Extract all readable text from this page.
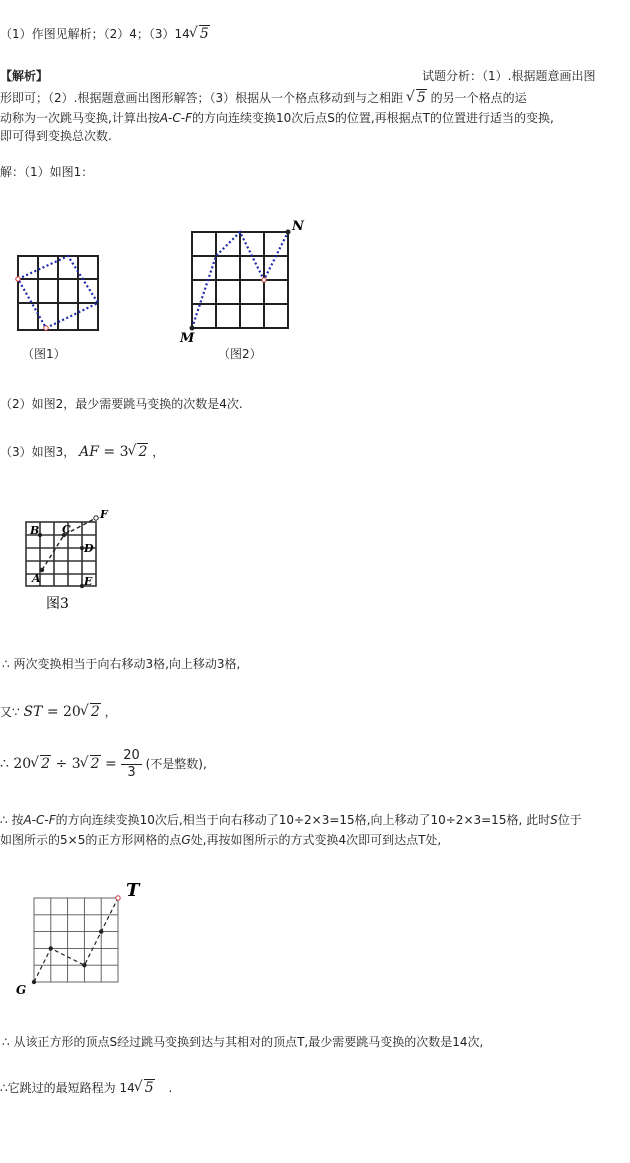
（1）作图见解析；（2）4；（3）14 √ 5
【解析】	试题分析：（1）.根据题意画出图
形即可；（2）.根据题意画出图形解答；（3）根据从一个格点移动到与之相距 √ 5 的另一个格点的运
动称为一次跳马变换,计算出按A-C-F的方向连续变换10次后点S的位置,再根据点T的位置进行适当的变换,
即可得到变换总次数.
解：（1）如图1：
（图1）
N
M
（图2）
（2）如图2，最少需要跳马变换的次数是4次.
（3）如图3， AF = 3 √ 2 ，
B C
D
A	E
F
图3
∴ 两次变换相当于向右移动3格,向上移动3格,
又∵ ST = 20 √ 2 ，
∴ 20 √ 2 ÷ 3 √ $2 = \frac{20}{3}$ (不是整数),
∴ 按A-C-F的方向连续变换10次后,相当于向右移动了10÷2×3=15格,向上移动了10÷2×3=15格, 此时S位于
如图所示的5×5的正方形网格的点G处,再按如图所示的方式变换4次即可到达点T处,
T
G
∴ 从该正方形的顶点S经过跳马变换到达与其相对的顶点T,最少需要跳马变换的次数是14次,
∴它跳过的最短路程为 14 √ 5 .
